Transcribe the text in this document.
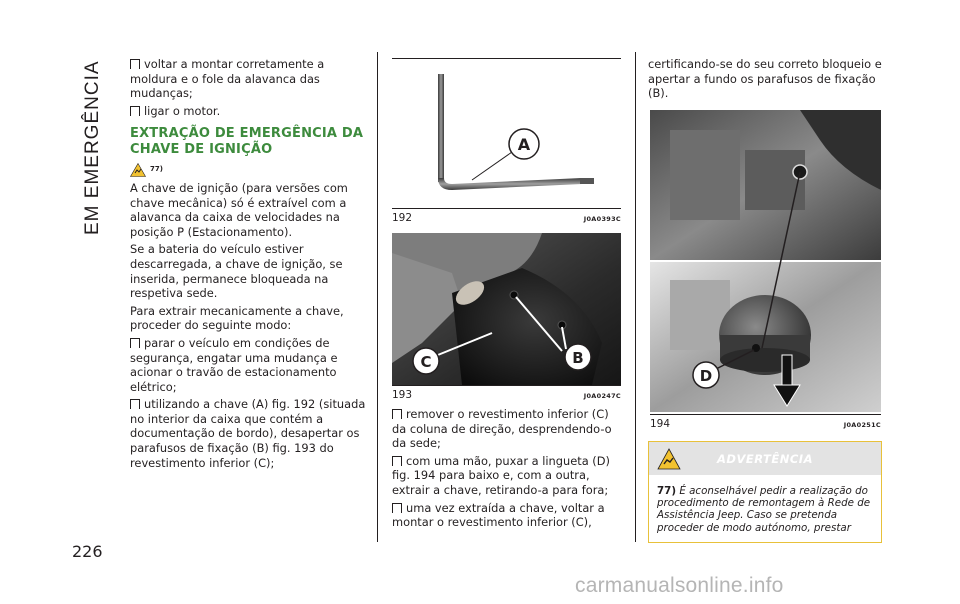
EM EMERGÊNCIA
226

voltar a montar corretamente a moldura e o fole da alavanca das mudanças;

ligar o motor.

EXTRAÇÃO DE EMERGÊNCIA DA CHAVE DE IGNIÇÃO
77)

A chave de ignição (para versões com chave mecânica) só é extraível com a alavanca da caixa de velocidades na posição P (Estacionamento).

Se a bateria do veículo estiver descarregada, a chave de ignição, se inserida, permanece bloqueada na respetiva sede.

Para extrair mecanicamente a chave, proceder do seguinte modo:

parar o veículo em condições de segurança, engatar uma mudança e acionar o travão de estacionamento elétrico;

utilizando a chave (A) fig. 192 (situada no interior da caixa que contém a documentação de bordo), desapertar os parafusos de fixação (B) fig. 193 do revestimento inferior (C);

A
192	J0A0393C
B
C
193	J0A0247C

remover o revestimento inferior (C) da coluna de direção, desprendendo-o da sede;

com uma mão, puxar a lingueta (D) fig. 194 para baixo e, com a outra, extrair a chave, retirando-a para fora;

uma vez extraída a chave, voltar a montar o revestimento inferior (C),

certificando-se do seu correto bloqueio e apertar a fundo os parafusos de fixação (B).

D
194	J0A0251C
ADVERTÊNCIA
77) É aconselhável pedir a realização do procedimento de remontagem à Rede de Assistência Jeep. Caso se pretenda proceder de modo autónomo, prestar
carmanualsonline.info
